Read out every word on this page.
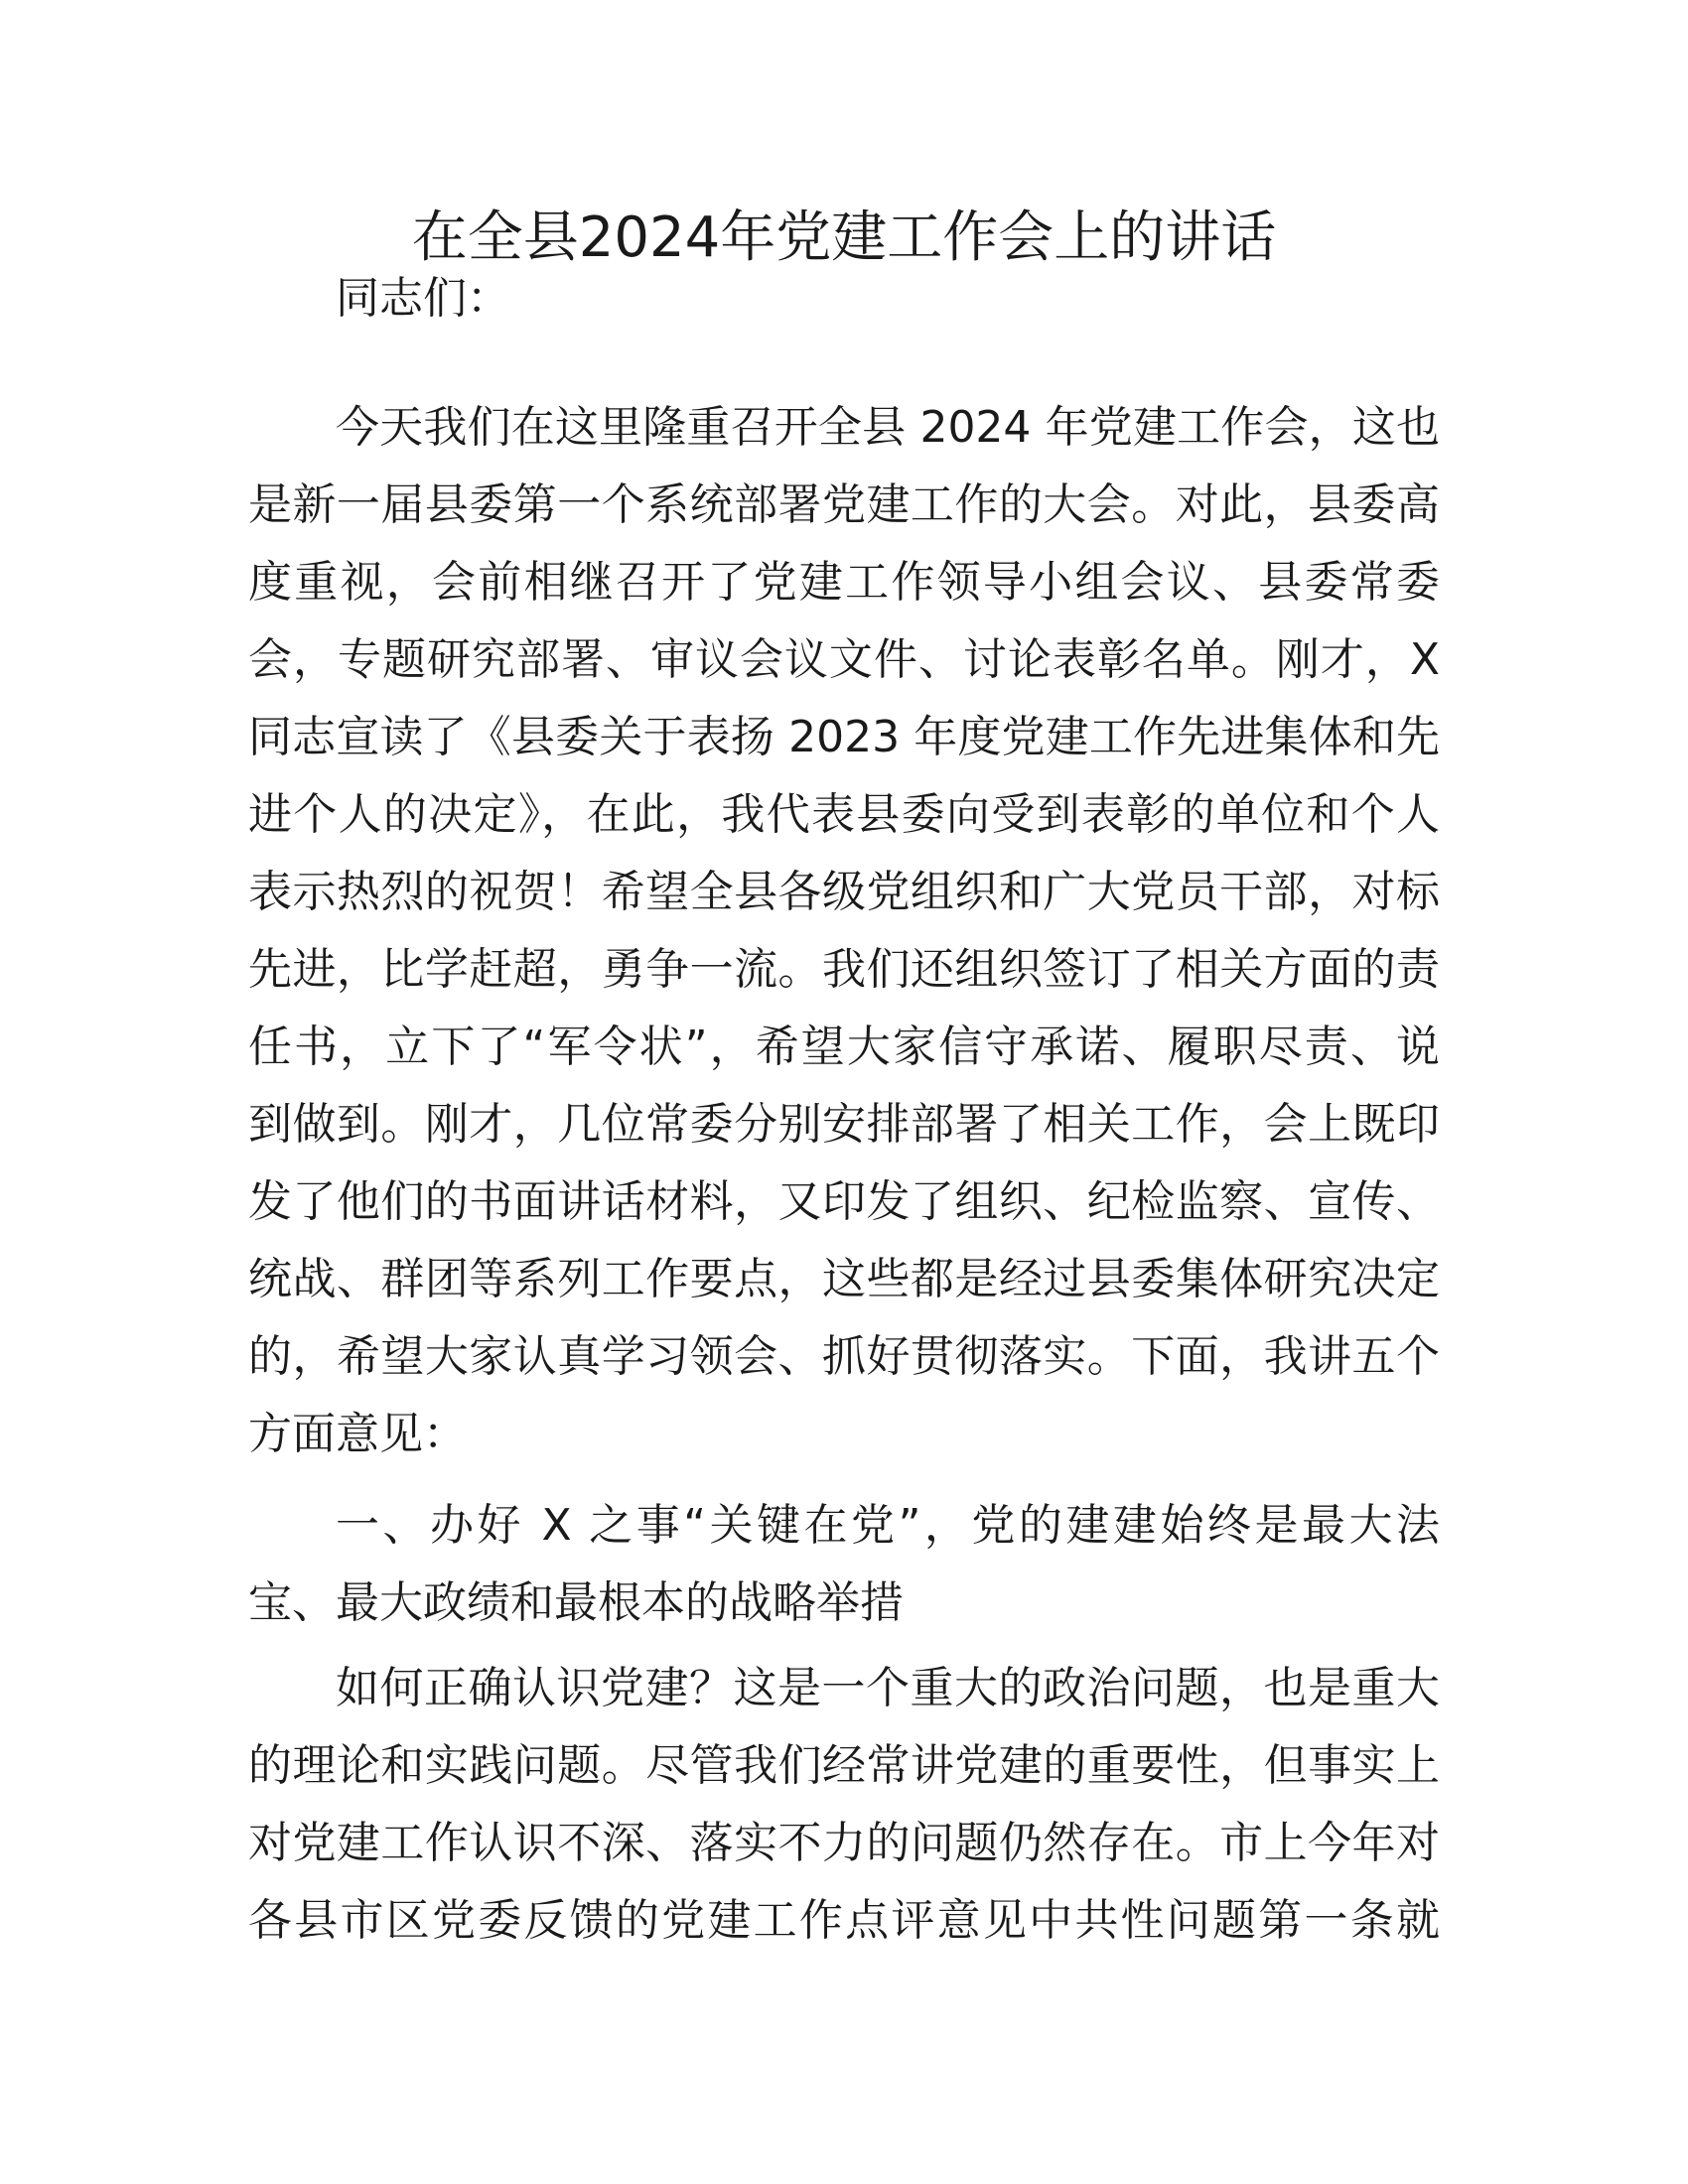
在全县2024年党建工作会上的讲话
同志们：
今天我们在这里隆重召开全县 2024 年党建工作会，这也
是新一届县委第一个系统部署党建工作的大会。对此，县委高
度重视，会前相继召开了党建工作领导小组会议、县委常委
会，专题研究部署、审议会议文件、讨论表彰名单。刚才，X
同志宣读了《县委关于表扬 2023 年度党建工作先进集体和先
进个人的决定》，在此，我代表县委向受到表彰的单位和个人
表示热烈的祝贺！希望全县各级党组织和广大党员干部，对标
先进，比学赶超，勇争一流。我们还组织签订了相关方面的责
任书，立下了“军令状”，希望大家信守承诺、履职尽责、说
到做到。刚才，几位常委分别安排部署了相关工作，会上既印
发了他们的书面讲话材料，又印发了组织、纪检监察、宣传、
统战、群团等系列工作要点，这些都是经过县委集体研究决定
的，希望大家认真学习领会、抓好贯彻落实。下面，我讲五个
方面意见：
一、办好 X 之事“关键在党”，党的建建始终是最大法
宝、最大政绩和最根本的战略举措
如何正确认识党建？这是一个重大的政治问题，也是重大
的理论和实践问题。尽管我们经常讲党建的重要性，但事实上
对党建工作认识不深、落实不力的问题仍然存在。市上今年对
各县市区党委反馈的党建工作点评意见中共性问题第一条就
